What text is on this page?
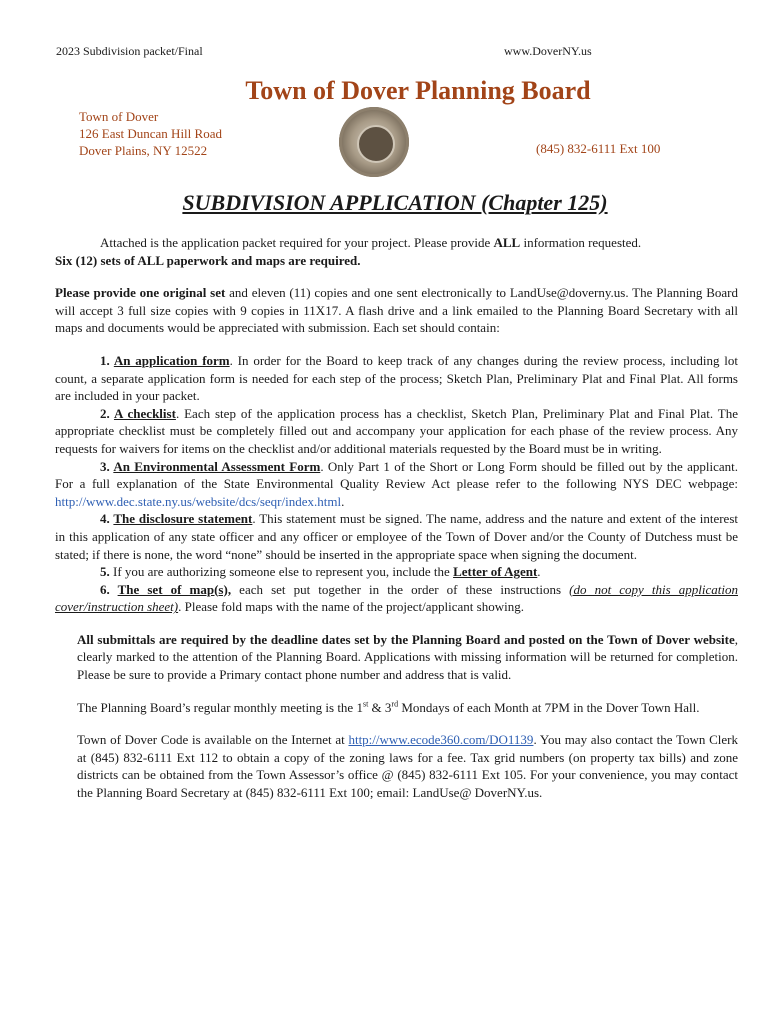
2023 Subdivision packet/Final	www.DoverNY.us
Town of Dover Planning Board
Town of Dover
126 East Duncan Hill Road
Dover Plains, NY 12522	(845) 832-6111 Ext 100
SUBDIVISION APPLICATION (Chapter 125)

Attached is the application packet required for your project. Please provide ALL information requested.

Six (12) sets of ALL paperwork and maps are required.

Please provide one original set and eleven (11) copies and one sent electronically to LandUse@doverny.us. The Planning Board will accept 3 full size copies with 9 copies in 11X17. A flash drive and a link emailed to the Planning Board Secretary with all maps and documents would be appreciated with submission. Each set should contain:

1. An application form. In order for the Board to keep track of any changes during the review process, including lot count, a separate application form is needed for each step of the process; Sketch Plan, Preliminary Plat and Final Plat. All forms are included in your packet.

2. A checklist. Each step of the application process has a checklist, Sketch Plan, Preliminary Plat and Final Plat. The appropriate checklist must be completely filled out and accompany your application for each phase of the review process. Any requests for waivers for items on the checklist and/or additional materials requested by the Board must be in writing.

3. An Environmental Assessment Form. Only Part 1 of the Short or Long Form should be filled out by the applicant. For a full explanation of the State Environmental Quality Review Act please refer to the following NYS DEC webpage: http://www.dec.state.ny.us/website/dcs/seqr/index.html.

4. The disclosure statement. This statement must be signed. The name, address and the nature and extent of the interest in this application of any state officer and any officer or employee of the Town of Dover and/or the County of Dutchess must be stated; if there is none, the word “none” should be inserted in the appropriate space when signing the document.

5. If you are authorizing someone else to represent you, include the Letter of Agent.

6. The set of map(s), each set put together in the order of these instructions (do not copy this application cover/instruction sheet). Please fold maps with the name of the project/applicant showing.

All submittals are required by the deadline dates set by the Planning Board and posted on the Town of Dover website, clearly marked to the attention of the Planning Board. Applications with missing information will be returned for completion. Please be sure to provide a Primary contact phone number and address that is valid.

The Planning Board’s regular monthly meeting is the 1st & 3rd Mondays of each Month at 7PM in the Dover Town Hall.

Town of Dover Code is available on the Internet at http://www.ecode360.com/DO1139. You may also contact the Town Clerk at (845) 832-6111 Ext 112 to obtain a copy of the zoning laws for a fee. Tax grid numbers (on property tax bills) and zone districts can be obtained from the Town Assessor’s office @ (845) 832-6111 Ext 105. For your convenience, you may contact the Planning Board Secretary at (845) 832-6111 Ext 100; email: LandUse@ DoverNY.us.
